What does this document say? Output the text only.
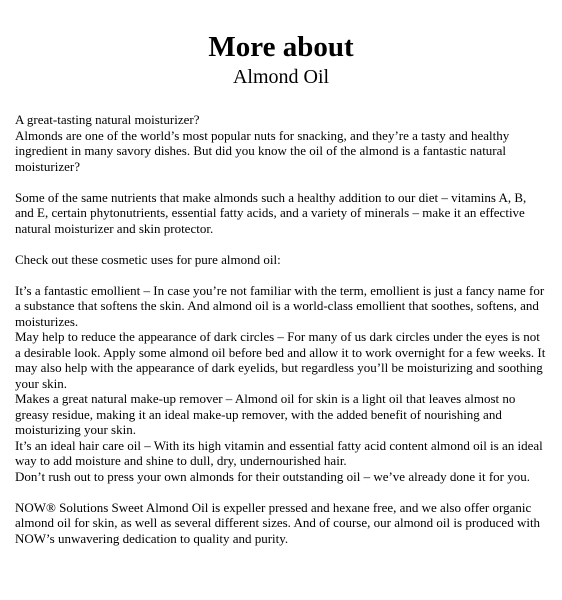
More about
Almond Oil

A great-tasting natural moisturizer?

Almonds are one of the world’s most popular nuts for snacking, and they’re a tasty and healthy ingredient in many savory dishes. But did you know the oil of the almond is a fantastic natural moisturizer?

Some of the same nutrients that make almonds such a healthy addition to our diet – vitamins A, B, and E, certain phytonutrients, essential fatty acids, and a variety of minerals – make it an effective natural moisturizer and skin protector.

Check out these cosmetic uses for pure almond oil:

It’s a fantastic emollient – In case you’re not familiar with the term, emollient is just a fancy name for a substance that softens the skin. And almond oil is a world-class emollient that soothes, softens, and moisturizes.

May help to reduce the appearance of dark circles – For many of us dark circles under the eyes is not a desirable look. Apply some almond oil before bed and allow it to work overnight for a few weeks. It may also help with the appearance of dark eyelids, but regardless you’ll be moisturizing and soothing your skin.

Makes a great natural make-up remover – Almond oil for skin is a light oil that leaves almost no greasy residue, making it an ideal make-up remover, with the added benefit of nourishing and moisturizing your skin.

It’s an ideal hair care oil – With its high vitamin and essential fatty acid content almond oil is an ideal way to add moisture and shine to dull, dry, undernourished hair.

Don’t rush out to press your own almonds for their outstanding oil – we’ve already done it for you.

NOW® Solutions Sweet Almond Oil is expeller pressed and hexane free, and we also offer organic almond oil for skin, as well as several different sizes. And of course, our almond oil is produced with NOW’s unwavering dedication to quality and purity.
